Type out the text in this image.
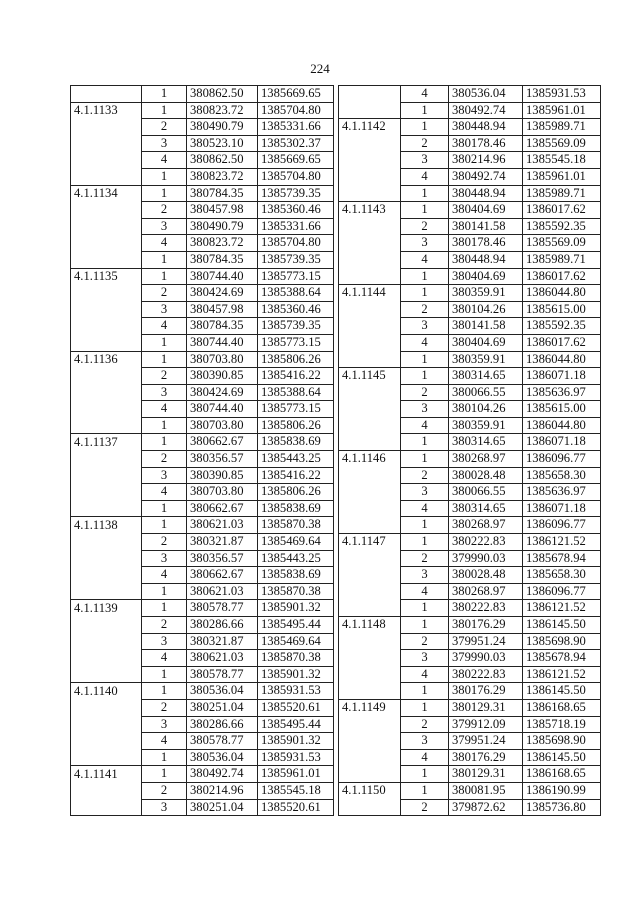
224
	1	380862.50	1385669.65
4.1.1133	1	380823.72	1385704.80
	2	380490.79	1385331.66
	3	380523.10	1385302.37
	4	380862.50	1385669.65
	1	380823.72	1385704.80
4.1.1134	1	380784.35	1385739.35
	2	380457.98	1385360.46
	3	380490.79	1385331.66
	4	380823.72	1385704.80
	1	380784.35	1385739.35
4.1.1135	1	380744.40	1385773.15
	2	380424.69	1385388.64
	3	380457.98	1385360.46
	4	380784.35	1385739.35
	1	380744.40	1385773.15
4.1.1136	1	380703.80	1385806.26
	2	380390.85	1385416.22
	3	380424.69	1385388.64
	4	380744.40	1385773.15
	1	380703.80	1385806.26
4.1.1137	1	380662.67	1385838.69
	2	380356.57	1385443.25
	3	380390.85	1385416.22
	4	380703.80	1385806.26
	1	380662.67	1385838.69
4.1.1138	1	380621.03	1385870.38
	2	380321.87	1385469.64
	3	380356.57	1385443.25
	4	380662.67	1385838.69
	1	380621.03	1385870.38
4.1.1139	1	380578.77	1385901.32
	2	380286.66	1385495.44
	3	380321.87	1385469.64
	4	380621.03	1385870.38
	1	380578.77	1385901.32
4.1.1140	1	380536.04	1385931.53
	2	380251.04	1385520.61
	3	380286.66	1385495.44
	4	380578.77	1385901.32
	1	380536.04	1385931.53
4.1.1141	1	380492.74	1385961.01
	2	380214.96	1385545.18
	3	380251.04	1385520.61
	4	380536.04	1385931.53
	1	380492.74	1385961.01
4.1.1142	1	380448.94	1385989.71
	2	380178.46	1385569.09
	3	380214.96	1385545.18
	4	380492.74	1385961.01
	1	380448.94	1385989.71
4.1.1143	1	380404.69	1386017.62
	2	380141.58	1385592.35
	3	380178.46	1385569.09
	4	380448.94	1385989.71
	1	380404.69	1386017.62
4.1.1144	1	380359.91	1386044.80
	2	380104.26	1385615.00
	3	380141.58	1385592.35
	4	380404.69	1386017.62
	1	380359.91	1386044.80
4.1.1145	1	380314.65	1386071.18
	2	380066.55	1385636.97
	3	380104.26	1385615.00
	4	380359.91	1386044.80
	1	380314.65	1386071.18
4.1.1146	1	380268.97	1386096.77
	2	380028.48	1385658.30
	3	380066.55	1385636.97
	4	380314.65	1386071.18
	1	380268.97	1386096.77
4.1.1147	1	380222.83	1386121.52
	2	379990.03	1385678.94
	3	380028.48	1385658.30
	4	380268.97	1386096.77
	1	380222.83	1386121.52
4.1.1148	1	380176.29	1386145.50
	2	379951.24	1385698.90
	3	379990.03	1385678.94
	4	380222.83	1386121.52
	1	380176.29	1386145.50
4.1.1149	1	380129.31	1386168.65
	2	379912.09	1385718.19
	3	379951.24	1385698.90
	4	380176.29	1386145.50
	1	380129.31	1386168.65
4.1.1150	1	380081.95	1386190.99
	2	379872.62	1385736.80
